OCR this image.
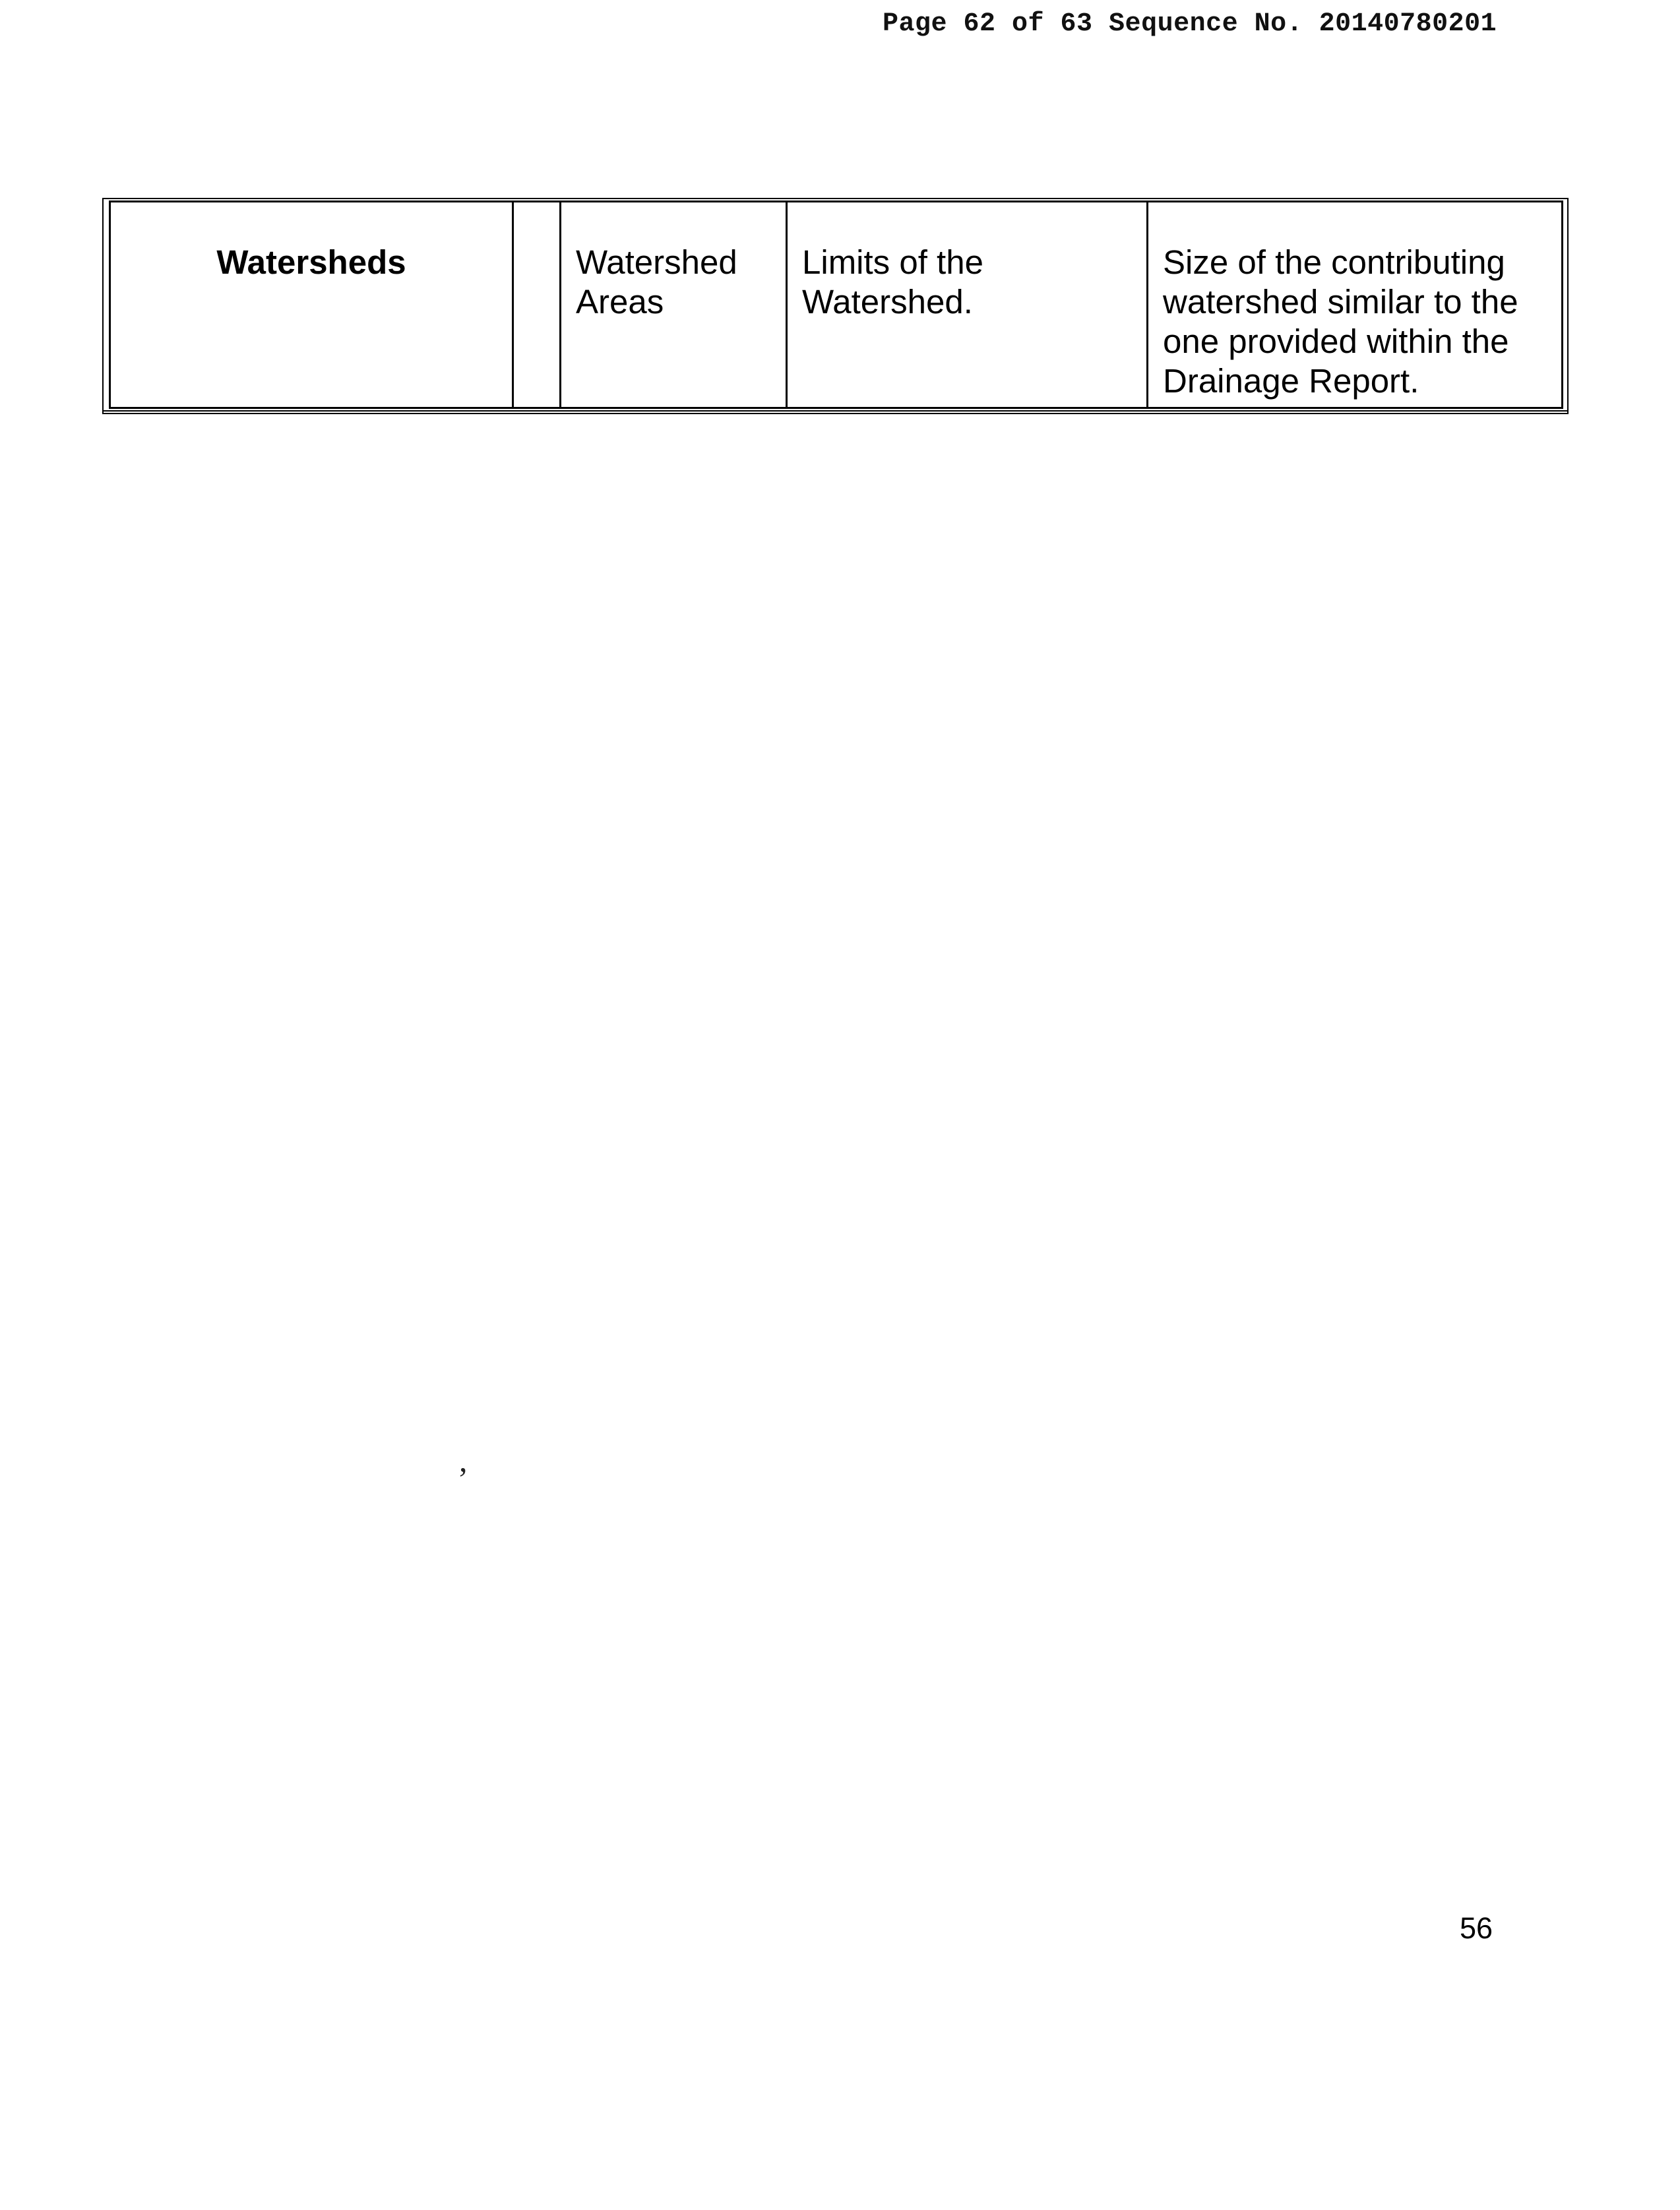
Page 62 of 63 Sequence No. 20140780201
Watersheds	Watershed Areas
Limits of the Watershed.
Size of the contributing watershed similar to the one provided within the Drainage Report.
,
56
